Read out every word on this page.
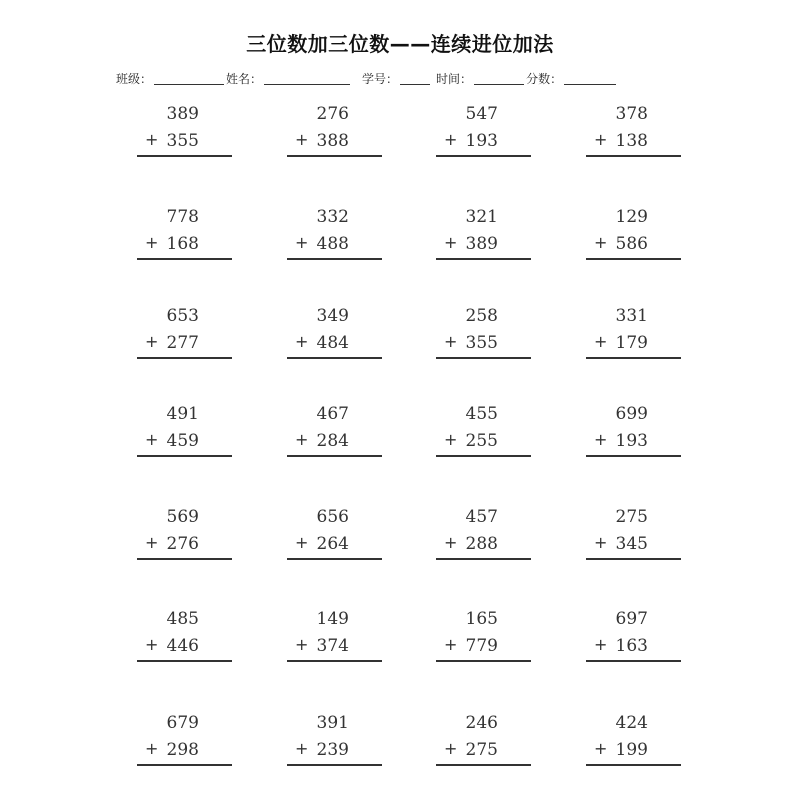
三位数加三位数——连续进位加法
班级：	姓名：	学号：	时间：	分数：
389
+ 355
276
+ 388
547
+ 193
378
+ 138
778
+ 168
332
+ 488
321
+ 389
129
+ 586
653
+ 277
349
+ 484
258
+ 355
331
+ 179
491
+ 459
467
+ 284
455
+ 255
699
+ 193
569
+ 276
656
+ 264
457
+ 288
275
+ 345
485
+ 446
149
+ 374
165
+ 779
697
+ 163
679
+ 298
391
+ 239
246
+ 275
424
+ 199
